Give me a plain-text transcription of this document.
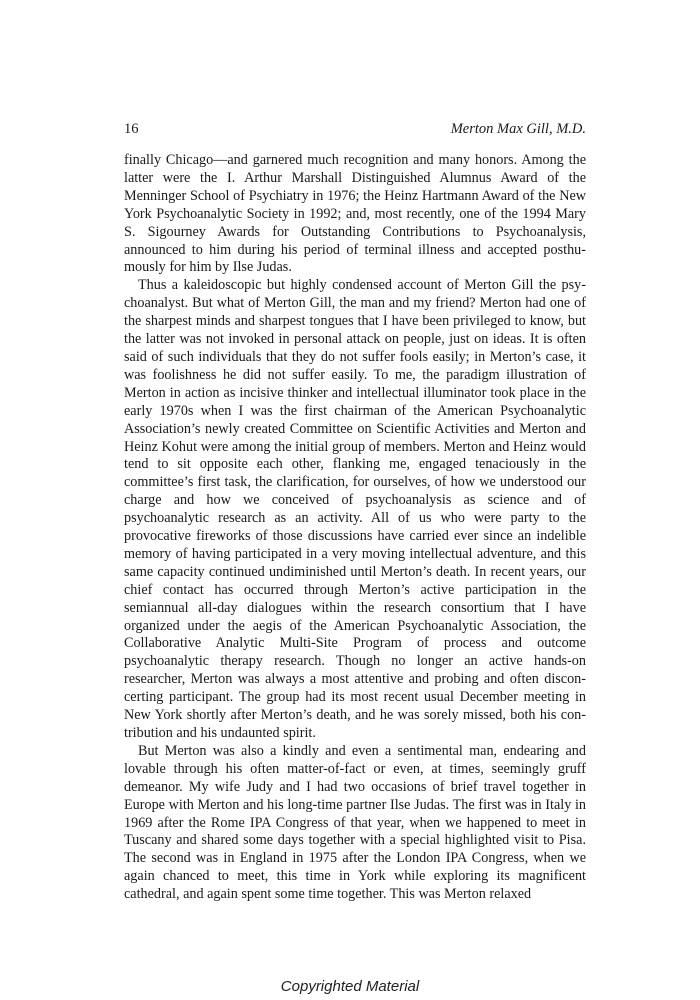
16	Merton Max Gill, M.D.

finally Chicago—and garnered much recognition and many honors. Among the latter were the I. Arthur Marshall Distinguished Alumnus Award of the Menninger School of Psychiatry in 1976; the Heinz Hartmann Award of the New York Psychoanalytic Society in 1992; and, most recently, one of the 1994 Mary S. Sigourney Awards for Outstanding Contributions to Psychoanalysis, announced to him during his period of terminal illness and accepted posthumously for him by Ilse Judas.

Thus a kaleidoscopic but highly condensed account of Merton Gill the psychoanalyst. But what of Merton Gill, the man and my friend? Merton had one of the sharpest minds and sharpest tongues that I have been privileged to know, but the latter was not invoked in personal attack on people, just on ideas. It is often said of such individuals that they do not suffer fools easily; in Merton’s case, it was foolishness he did not suffer easily. To me, the paradigm illustration of Merton in action as incisive thinker and intellectual illuminator took place in the early 1970s when I was the first chairman of the American Psychoanalytic Association’s newly created Committee on Scientific Activities and Merton and Heinz Kohut were among the initial group of members. Merton and Heinz would tend to sit opposite each other, flanking me, engaged tenaciously in the committee’s first task, the clarification, for ourselves, of how we understood our charge and how we conceived of psychoanalysis as science and of psychoanalytic research as an activity. All of us who were party to the provocative fireworks of those discussions have carried ever since an indelible memory of having participated in a very moving intellectual adventure, and this same capacity continued undiminished until Merton’s death. In recent years, our chief contact has occurred through Merton’s active participation in the semiannual all-day dialogues within the research consortium that I have organized under the aegis of the American Psychoanalytic Association, the Collaborative Analytic Multi-Site Program of process and outcome psychoanalytic therapy research. Though no longer an active hands-on researcher, Merton was always a most attentive and probing and often disconcerting participant. The group had its most recent usual December meeting in New York shortly after Merton’s death, and he was sorely missed, both his contribution and his undaunted spirit.

But Merton was also a kindly and even a sentimental man, endearing and lovable through his often matter-of-fact or even, at times, seemingly gruff demeanor. My wife Judy and I had two occasions of brief travel together in Europe with Merton and his long-time partner Ilse Judas. The first was in Italy in 1969 after the Rome IPA Congress of that year, when we happened to meet in Tuscany and shared some days together with a special highlighted visit to Pisa. The second was in England in 1975 after the London IPA Congress, when we again chanced to meet, this time in York while exploring its magnificent cathedral, and again spent some time together. This was Merton relaxed

Copyrighted Material
